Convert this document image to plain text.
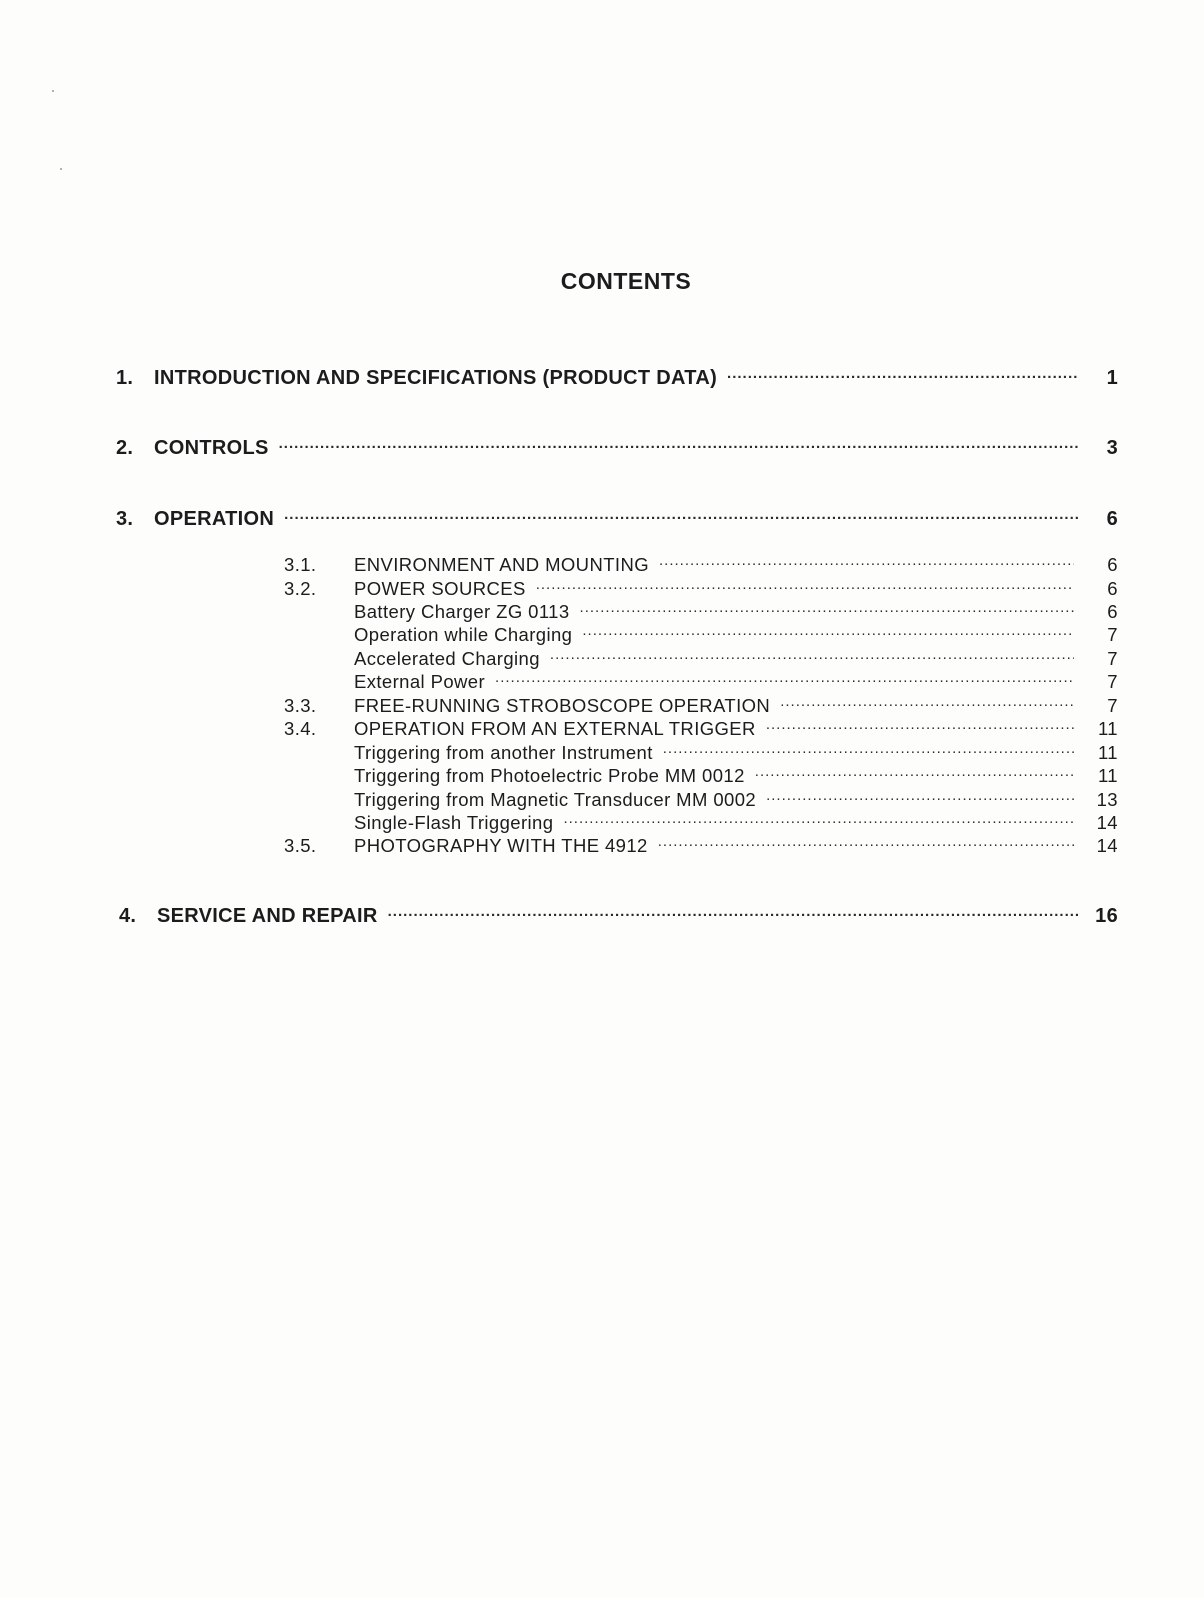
CONTENTS
1.	INTRODUCTION AND SPECIFICATIONS (PRODUCT DATA) .....	1
2.	CONTROLS .....	3
3.	OPERATION .....	6
3.1.	ENVIRONMENT AND MOUNTING .....	6
3.2.	POWER SOURCES .....	6
Battery Charger ZG 0113 .....	6
Operation while Charging .....	7
Accelerated Charging .....	7
External Power .....	7
3.3.	FREE-RUNNING STROBOSCOPE OPERATION .....	7
3.4.	OPERATION FROM AN EXTERNAL TRIGGER .....	11
Triggering from another Instrument .....	11
Triggering from Photoelectric Probe MM 0012 .....	11
Triggering from Magnetic Transducer MM 0002 .....	13
Single-Flash Triggering .....	14
3.5.	PHOTOGRAPHY WITH THE 4912 .....	14
4.	SERVICE AND REPAIR .....	16
